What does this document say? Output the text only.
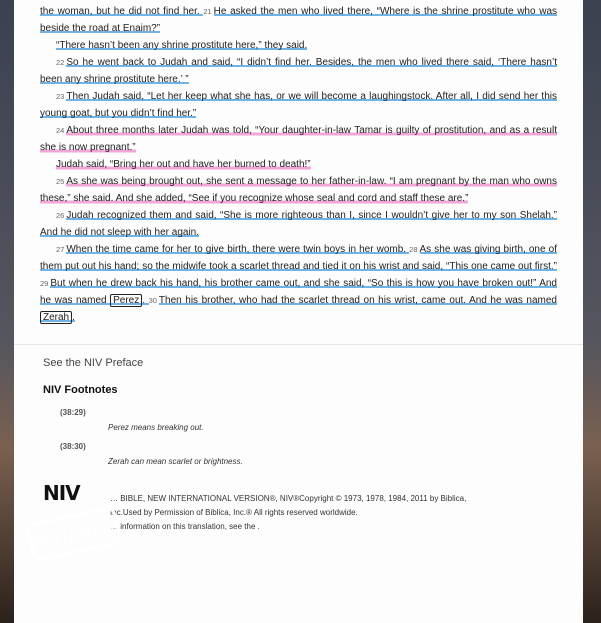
the woman, but he did not find her. 21 He asked the men who lived there, “Where is the shrine prostitute who was beside the road at Enaim?”

“There hasn’t been any shrine prostitute here,” they said.

22 So he went back to Judah and said, “I didn’t find her. Besides, the men who lived there said, ‘There hasn’t been any shrine prostitute here.’ ”

23 Then Judah said, “Let her keep what she has, or we will become a laughingstock. After all, I did send her this young goat, but you didn’t find her.”

24 About three months later Judah was told, “Your daughter-in-law Tamar is guilty of prostitution, and as a result she is now pregnant.”

Judah said, “Bring her out and have her burned to death!”

25 As she was being brought out, she sent a message to her father-in-law. “I am pregnant by the man who owns these,” she said. And she added, “See if you recognize whose seal and cord and staff these are.”

26 Judah recognized them and said, “She is more righteous than I, since I wouldn’t give her to my son Shelah.” And he did not sleep with her again.

27 When the time came for her to give birth, there were twin boys in her womb. 28 As she was giving birth, one of them put out his hand; so the midwife took a scarlet thread and tied it on his wrist and said, “This one came out first.” 29 But when he drew back his hand, his brother came out, and she said, “So this is how you have broken out!” And he was named Perez . 30 Then his brother, who had the scarlet thread on his wrist, came out. And he was named Zerah .

See the NIV Preface
NIV Footnotes
(38:29)
Perez means breaking out.
(38:30)
Zerah can mean scarlet or brightness.
NIV	… BIBLE, NEW INTERNATIONAL VERSION®, NIV®Copyright © 1973, 1978, 1984, 2011 by Biblica,
Inc.Used by Permission of Biblica, Inc.® All rights reserved worldwide.
… information on this translation, see the .
Scripture
